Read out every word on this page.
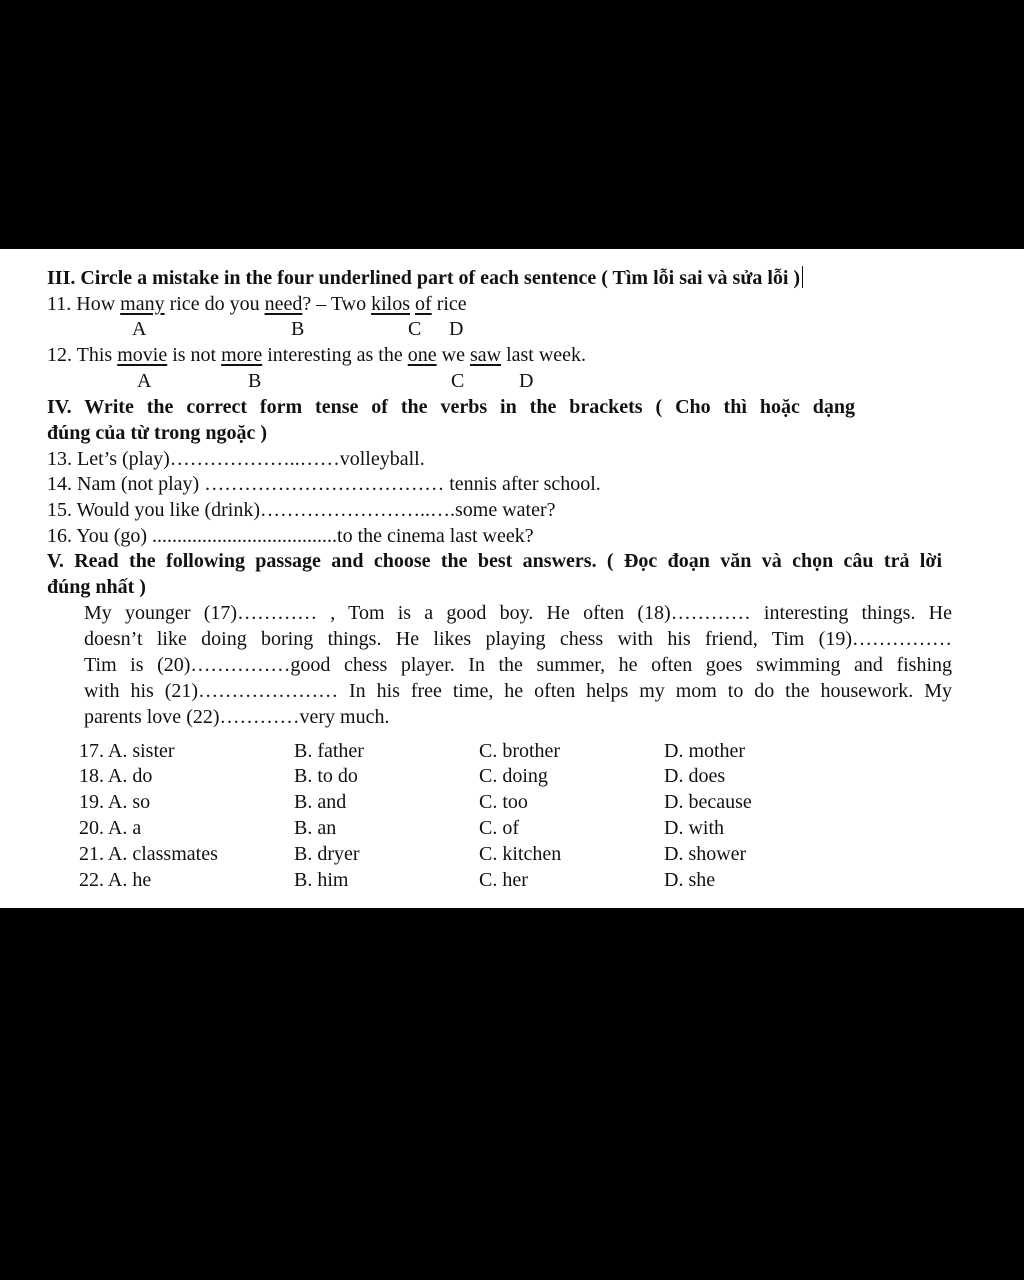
III. Circle a mistake in the four underlined part of each sentence ( Tìm lỗi sai và sửa lỗi )
11. How many rice do you need? – Two kilos of rice
A	B	C D
12. This movie is not more interesting as the one we saw last week.
A	B	C	D
IV. Write the correct form tense of the verbs in the brackets ( Cho thì hoặc dạng
đúng của từ trong ngoặc )
13. Let’s (play)………………..……volleyball.
14. Nam (not play) ……………………………… tennis after school.
15. Would you like (drink)……………………..….some water?
16. You (go) .....................................to the cinema last week?
V. Read the following passage and choose the best answers. ( Đọc đoạn văn và chọn câu trả lời
đúng nhất )
My younger (17)………… , Tom is a good boy. He often (18)………… interesting things. He
doesn’t like doing boring things. He likes playing chess with his friend, Tim (19)……………
Tim is (20)……………good chess player. In the summer, he often goes swimming and fishing
with his (21)………………… In his free time, he often helps my mom to do the housework. My
parents love (22)…………very much.
17. A. sister	B. father	C. brother	D. mother
18. A. do	B. to do	C. doing	D. does
19. A. so	B. and	C. too	D. because
20. A. a	B. an	C. of	D. with
21. A. classmates	B. dryer	C. kitchen	D. shower
22. A. he	B. him	C. her	D. she
